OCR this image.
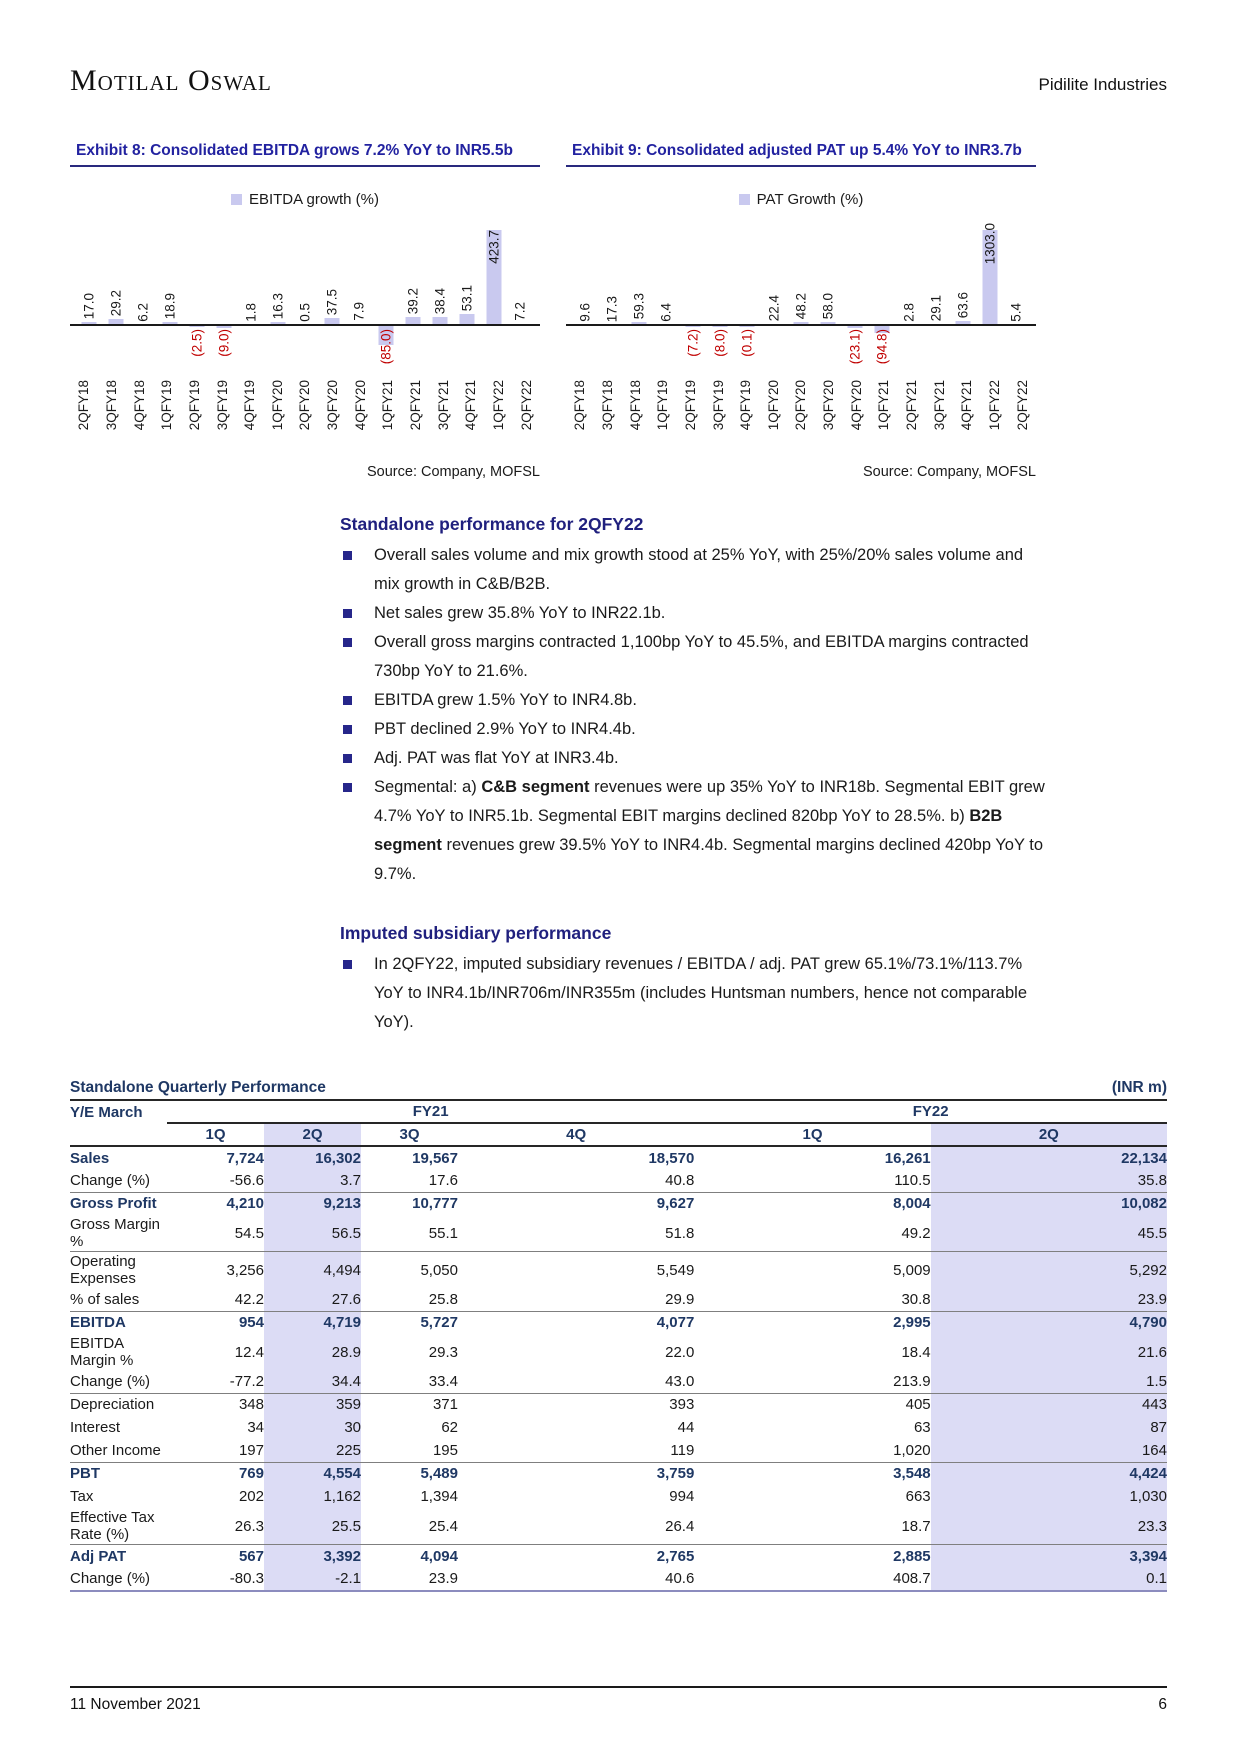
Motilal Oswal	Pidilite Industries
Exhibit 8: Consolidated EBITDA grows 7.2% YoY to INR5.5b
EBITDA growth (%)
17.0 29.2 6.2 18.9
(2.5) (9.0)
1.8 16.3 0.5 37.5 7.9
(85.0)
39.2 38.4 53.1
423.7
7.2
2QFY18 3QFY18 4QFY18 1QFY19 2QFY19 3QFY19 4QFY19 1QFY20 2QFY20 3QFY20 4QFY20 1QFY21 2QFY21 3QFY21 4QFY21 1QFY22 2QFY22
Source: Company, MOFSL
Exhibit 9: Consolidated adjusted PAT up 5.4% YoY to INR3.7b
PAT Growth (%)
9.6 17.3 59.3 6.4
(7.2) (8.0) (0.1)
22.4 48.2 58.0
(23.1) (94.8)
2.8 29.1 63.6
1303.0
5.4
2QFY18 3QFY18 4QFY18 1QFY19 2QFY19 3QFY19 4QFY19 1QFY20 2QFY20 3QFY20 4QFY20 1QFY21 2QFY21 3QFY21 4QFY21 1QFY22 2QFY22
Source: Company, MOFSL
Standalone performance for 2QFY22
Overall sales volume and mix growth stood at 25% YoY, with 25%/20% sales volume and mix growth in C&B/B2B.
Net sales grew 35.8% YoY to INR22.1b.
Overall gross margins contracted 1,100bp YoY to 45.5%, and EBITDA margins contracted 730bp YoY to 21.6%.
EBITDA grew 1.5% YoY to INR4.8b.
PBT declined 2.9% YoY to INR4.4b.
Adj. PAT was flat YoY at INR3.4b.
Segmental: a) C&B segment revenues were up 35% YoY to INR18b. Segmental EBIT grew 4.7% YoY to INR5.1b. Segmental EBIT margins declined 820bp YoY to 28.5%. b) B2B segment revenues grew 39.5% YoY to INR4.4b. Segmental margins declined 420bp YoY to 9.7%.
Imputed subsidiary performance
In 2QFY22, imputed subsidiary revenues / EBITDA / adj. PAT grew 65.1%/73.1%/113.7% YoY to INR4.1b/INR706m/INR355m (includes Huntsman numbers, hence not comparable YoY).
Standalone Quarterly Performance				(INR m)		
Y/E March	FY21				FY22	
	1Q	2Q	3Q	4Q	1Q	2Q
Sales	7,724	16,302	19,567	18,570	16,261	22,134
Change (%)	-56.6	3.7	17.6	40.8	110.5	35.8
Gross Profit	4,210	9,213	10,777	9,627	8,004	10,082
Gross Margin %	54.5	56.5	55.1	51.8	49.2	45.5
Operating Expenses	3,256	4,494	5,050	5,549	5,009	5,292
% of sales	42.2	27.6	25.8	29.9	30.8	23.9
EBITDA	954	4,719	5,727	4,077	2,995	4,790
EBITDA Margin %	12.4	28.9	29.3	22.0	18.4	21.6
Change (%)	-77.2	34.4	33.4	43.0	213.9	1.5
Depreciation	348	359	371	393	405	443
Interest	34	30	62	44	63	87
Other Income	197	225	195	119	1,020	164
PBT	769	4,554	5,489	3,759	3,548	4,424
Tax	202	1,162	1,394	994	663	1,030
Effective Tax Rate (%)	26.3	25.5	25.4	26.4	18.7	23.3
Adj PAT	567	3,392	4,094	2,765	2,885	3,394
Change (%)	-80.3	-2.1	23.9	40.6	408.7	0.1
11 November 2021	6
